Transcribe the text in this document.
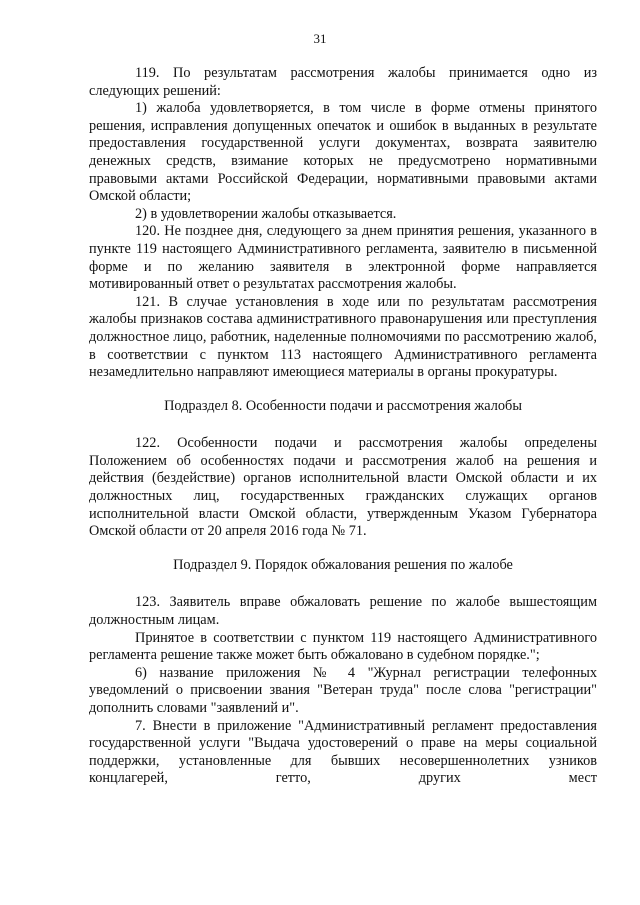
31

119. По результатам рассмотрения жалобы принимается одно из следующих решений:

1) жалоба удовлетворяется, в том числе в форме отмены принятого решения, исправления допущенных опечаток и ошибок в выданных в результате предоставления государственной услуги документах, возврата заявителю денежных средств, взимание которых не предусмотрено нормативными правовыми актами Российской Федерации, нормативными правовыми актами Омской области;

2) в удовлетворении жалобы отказывается.

120. Не позднее дня, следующего за днем принятия решения, указанного в пункте 119 настоящего Административного регламента, заявителю в письменной форме и по желанию заявителя в электронной форме направляется мотивированный ответ о результатах рассмотрения жалобы.

121. В случае установления в ходе или по результатам рассмотрения жалобы признаков состава административного правонарушения или преступления должностное лицо, работник, наделенные полномочиями по рассмотрению жалоб, в соответствии с пунктом 113 настоящего Административного регламента незамедлительно направляют имеющиеся материалы в органы прокуратуры.

Подраздел 8. Особенности подачи и рассмотрения жалобы

122. Особенности подачи и рассмотрения жалобы определены Положением об особенностях подачи и рассмотрения жалоб на решения и действия (бездействие) органов исполнительной власти Омской области и их должностных лиц, государственных гражданских служащих органов исполнительной власти Омской области, утвержденным Указом Губернатора Омской области от 20 апреля 2016 года № 71.

Подраздел 9. Порядок обжалования решения по жалобе

123. Заявитель вправе обжаловать решение по жалобе вышестоящим должностным лицам.

Принятое в соответствии с пунктом 119 настоящего Административного регламента решение также может быть обжаловано в судебном порядке.";

6) название приложения № 4 "Журнал регистрации телефонных уведомлений о присвоении звания "Ветеран труда" после слова "регистрации" дополнить словами "заявлений и".

7. Внести в приложение "Административный регламент предоставления государственной услуги "Выдача удостоверений о праве на меры социальной поддержки, установленные для бывших несовершеннолетних узников концлагерей, гетто, других мест
